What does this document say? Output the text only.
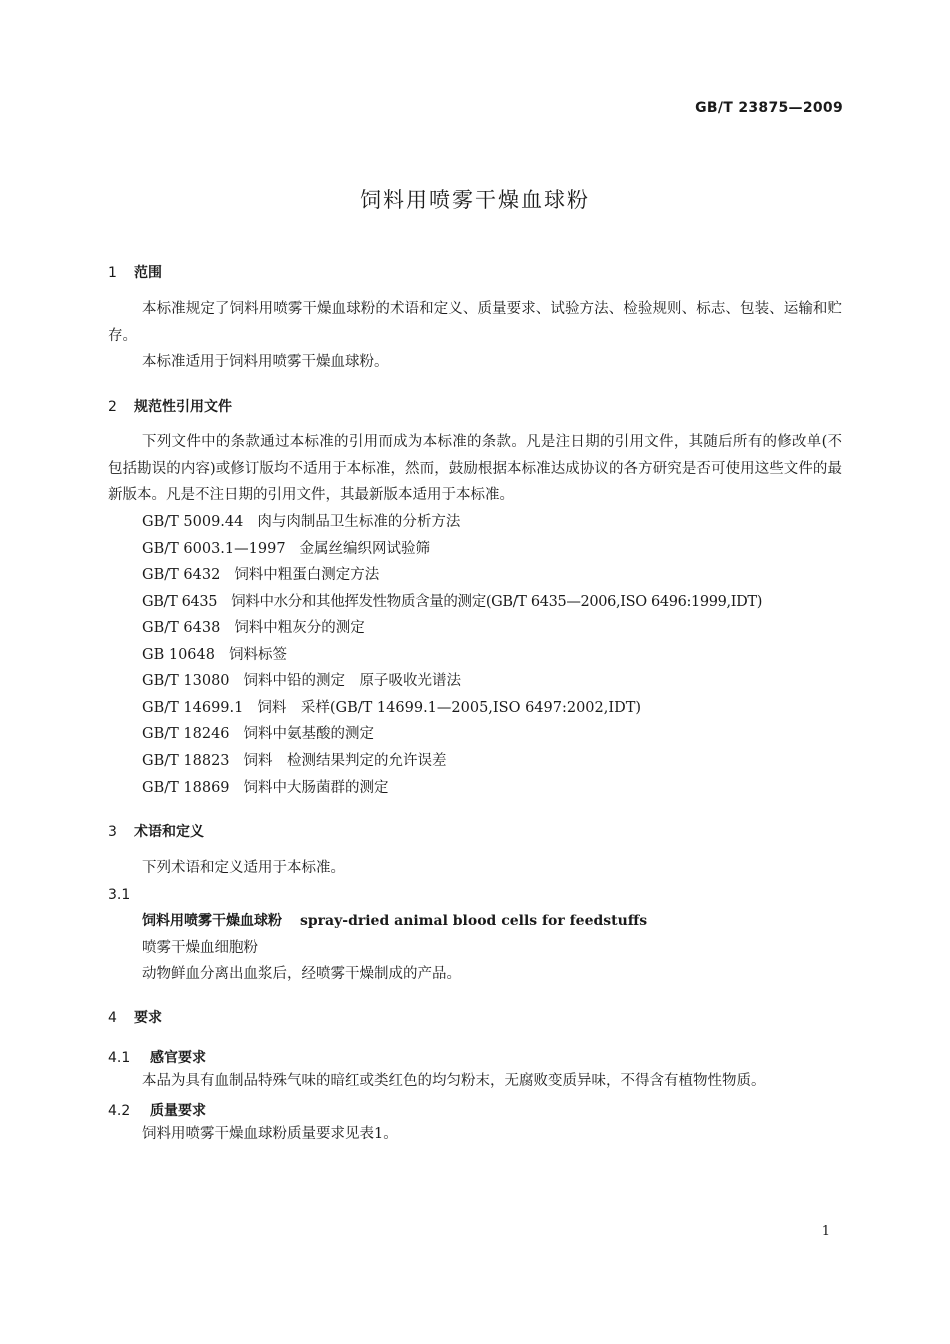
GB/T 23875—2009
饲料用喷雾干燥血球粉
1 范围
本标准规定了饲料用喷雾干燥血球粉的术语和定义、质量要求、试验方法、检验规则、标志、包装、运输和贮存。
本标准适用于饲料用喷雾干燥血球粉。
2 规范性引用文件
下列文件中的条款通过本标准的引用而成为本标准的条款。凡是注日期的引用文件，其随后所有的修改单(不包括勘误的内容)或修订版均不适用于本标准，然而，鼓励根据本标准达成协议的各方研究是否可使用这些文件的最新版本。凡是不注日期的引用文件，其最新版本适用于本标准。
GB/T 5009.44 肉与肉制品卫生标准的分析方法
GB/T 6003.1—1997 金属丝编织网试验筛
GB/T 6432 饲料中粗蛋白测定方法
GB/T 6435 饲料中水分和其他挥发性物质含量的测定(GB/T 6435—2006,ISO 6496:1999,IDT)
GB/T 6438 饲料中粗灰分的测定
GB 10648 饲料标签
GB/T 13080 饲料中铅的测定　原子吸收光谱法
GB/T 14699.1 饲料　采样(GB/T 14699.1—2005,ISO 6497:2002,IDT)
GB/T 18246 饲料中氨基酸的测定
GB/T 18823 饲料　检测结果判定的允许误差
GB/T 18869 饲料中大肠菌群的测定
3 术语和定义
下列术语和定义适用于本标准。
3.1
饲料用喷雾干燥血球粉 spray-dried animal blood cells for feedstuffs
喷雾干燥血细胞粉
动物鲜血分离出血浆后，经喷雾干燥制成的产品。
4 要求
4.1 感官要求
本品为具有血制品特殊气味的暗红或类红色的均匀粉末，无腐败变质异味，不得含有植物性物质。
4.2 质量要求
饲料用喷雾干燥血球粉质量要求见表1。
1
